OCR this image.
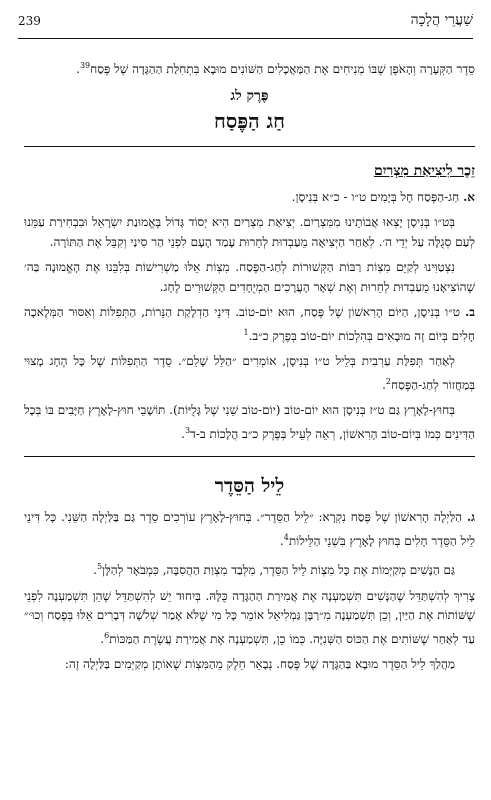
239	שַׁעֲרֵי הֲלָכָה

סֵדֶר הַקְּעָרָה וְהָאֹפֶן שֶׁבּוֹ מְנִיחִים אֶת הַמַּאֲכָלִים הַשּׁוֹנִים מוּבָא בִּתְחִלַּת הַהַגָּדָה שֶׁל פֶּסַח$^{39}$.

פֶּרֶק לג
חַג הַפֶּסַח
זֵכֶר לִיצִיאַת מִצְרַיִם

א. חַג-הַפֶּסַח חָל בְּיָמִים ט״ו - כ״א בְּנִיסָן.

בְּט״ו בְּנִיסָן יָצְאוּ אֲבוֹתֵינוּ מִמִּצְרַיִם. יְצִיאַת מִצְרַיִם הִיא יְסוֹד גָּדוֹל בֶּאֱמוּנַת יִשְׂרָאֵל וּבִבְחִירַת עַמֵּנוּ לְעַם סְגֻלָּה עַל יְדֵי ה׳. לְאַחַר הַיְּצִיאָה מֵעַבְדוּת לְחֵרוּת עָמַד הָעָם לִפְנֵי הַר סִינַי וְקִבֵּל אֶת הַתּוֹרָה.

נִצְטַוִּינוּ לְקַיֵּם מִצְוֹת רַבּוֹת הַקְּשׁוּרוֹת לְחַג-הַפֶּסַח. מִצְוֹת אֵלּוּ מַשְׁרִישׁוֹת בְּלִבֵּנוּ אֶת הָאֱמוּנָה בַּה׳ שֶׁהוֹצִיאָנוּ מֵעַבְדוּת לְחֵרוּת וְאֶת שְׁאָר הָעֲרָכִים הַמְיֻחָדִים הַקְּשׁוּרִים לֶחָג.

ב. ט״ו בְּנִיסָן, הַיּוֹם הָרִאשׁוֹן שֶׁל פֶּסַח, הוּא יוֹם-טוֹב. דִּינֵי הַדְלָקַת הַנֵּרוֹת, הַתְּפִלּוֹת וְאִסּוּר הַמְּלָאכָה חָלִים בְּיוֹם זֶה מוּבָאִים בְּהִלְכוֹת יוֹם-טוֹב בְּפֶרֶק כ״ב.$^1$

לְאַחַר תְּפִלַּת עַרְבִית בְּלֵיל ט״ו בְּנִיסָן, אוֹמְרִים ״הַלֵּל שָׁלֵם״. סֵדֶר הַתְּפִלּוֹת שֶׁל כָּל הֶחָג מָצוּי בְּמַחֲזוֹר לְחַג-הַפֶּסַח$^2$.

בְּחוּץ-לָאָרֶץ גַּם ט״ז בְּנִיסָן הוּא יוֹם-טוֹב (יוֹם-טוֹב שֵׁנִי שֶׁל גָּלֻיּוֹת). תּוֹשָׁבֵי חוּץ-לָאָרֶץ חַיָּבִים בּוֹ בְּכָל הַדִּינִים כְּמוֹ בְּיוֹם-טוֹב הָרִאשׁוֹן, רְאֵה לְעֵיל בְּפֶרֶק כ״ב הֲלָכוֹת ב-ד$^3$.

לֵיל הַסֵּדֶר

ג. הַלַּיְלָה הָרִאשׁוֹן שֶׁל פֶּסַח נִקְרָא: ״לֵיל הַסֵּדֶר״. בְּחוּץ-לָאָרֶץ עוֹרְכִים סֵדֶר גַּם בַּלַּיְלָה הַשֵּׁנִי. כָּל דִּינֵי לֵיל הַסֵּדֶר חָלִים בְּחוּץ לָאָרֶץ בִּשְׁנֵי הַלֵּילוֹת$^4$.

גַּם הַנָּשִׁים מְקַיְּמוֹת אֶת כָּל מִצְוֹת לֵיל הַסֵּדֶר, מִלְּבַד מִצְוַת הַהֲסִבָּה, כִּמְבֹאָר לְהַלָּן$^5$.

צָרִיךְ לְהִשְׁתַּדֵּל שֶׁהַנָּשִׁים תִּשְׁמַעְנָה אֶת אֲמִירַת הַהַגָּדָה כֻּלָּהּ. בְּיִחוּד יֵשׁ לְהִשְׁתַּדֵּל שֶׁהֵן תִּשְׁמַעְנָה לִפְנֵי שֶׁשּׁוֹתוֹת אֶת הַיַּיִן, וְכֵן תִּשְׁמַעְנָה מִ״רַבָּן גַּמְלִיאֵל אוֹמֵר כָּל מִי שֶׁלֹּא אָמַר שְׁלֹשָׁה דְּבָרִים אֵלּוּ בְּפֶסַח וְכוּ׳״ עַד לְאַחַר שֶׁשּׁוֹתִים אֶת הַכּוֹס הַשְּׁנִיָּה. כְּמוֹ כֵן, תִּשְׁמַעְנָה אֶת אֲמִירַת עֲשֶׂרֶת הַמַּכּוֹת$^6$.

מַהֲלַךְ לֵיל הַסֵּדֶר מוּבָא בַּהַגָּדָה שֶׁל פֶּסַח. נְבָאֵר חֵלֶק מֵהַמִּצְוֹת שֶׁאוֹתָן מְקַיְּמִים בַּלַּיְלָה זֶה:
